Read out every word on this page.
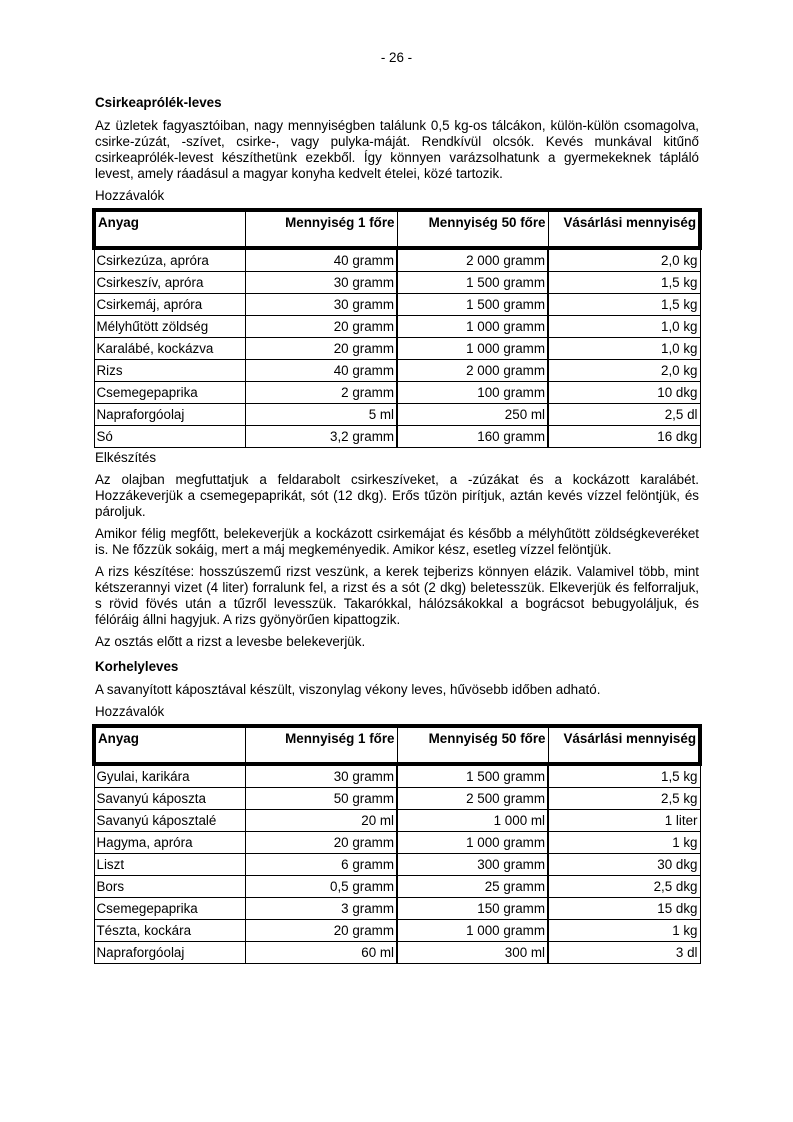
- 26 -
Csirkeaprólék-leves

Az üzletek fagyasztóiban, nagy mennyiségben találunk 0,5 kg-os tálcákon, külön-külön csomagolva, csirke-zúzát, -szívet, csirke-, vagy pulyka-máját. Rendkívül olcsók. Kevés munkával kitűnő csirkeaprólék-levest készíthetünk ezekből. Így könnyen varázsolhatunk a gyermekeknek tápláló levest, amely ráadásul a magyar konyha kedvelt ételei, közé tartozik.

Hozzávalók
Anyag	Mennyiség 1 főre	Mennyiség 50 főre	Vásárlási mennyiség
Csirkezúza, apróra	40 gramm	2 000 gramm	2,0 kg
Csirkeszív, apróra	30 gramm	1 500 gramm	1,5 kg
Csirkemáj, apróra	30 gramm	1 500 gramm	1,5 kg
Mélyhűtött zöldség	20 gramm	1 000 gramm	1,0 kg
Karalábé, kockázva	20 gramm	1 000 gramm	1,0 kg
Rizs	40 gramm	2 000 gramm	2,0 kg
Csemegepaprika	2 gramm	100 gramm	10 dkg
Napraforgóolaj	5 ml	250 ml	2,5 dl
Só	3,2 gramm	160 gramm	16 dkg
Elkészítés

Az olajban megfuttatjuk a feldarabolt csirkeszíveket, a -zúzákat és a kockázott karalábét. Hozzákeverjük a csemegepaprikát, sót (12 dkg). Erős tűzön pirítjuk, aztán kevés vízzel felöntjük, és pároljuk.

Amikor félig megfőtt, belekeverjük a kockázott csirkemájat és később a mélyhűtött zöldségkeveréket is. Ne főzzük sokáig, mert a máj megkeményedik. Amikor kész, esetleg vízzel felöntjük.

A rizs készítése: hosszúszemű rizst veszünk, a kerek tejberizs könnyen elázik. Valamivel több, mint kétszerannyi vizet (4 liter) forralunk fel, a rizst és a sót (2 dkg) beletesszük. Elkeverjük és felforraljuk, s rövid fövés után a tűzről levesszük. Takarókkal, hálózsákokkal a bográcsot bebugyoláljuk, és félóráig állni hagyjuk. A rizs gyönyörűen kipattogzik.

Az osztás előtt a rizst a levesbe belekeverjük.

Korhelyleves

A savanyított káposztával készült, viszonylag vékony leves, hűvösebb időben adható.

Hozzávalók
Anyag	Mennyiség 1 főre	Mennyiség 50 főre	Vásárlási mennyiség
Gyulai, karikára	30 gramm	1 500 gramm	1,5 kg
Savanyú káposzta	50 gramm	2 500 gramm	2,5 kg
Savanyú káposztalé	20 ml	1 000 ml	1 liter
Hagyma, apróra	20 gramm	1 000 gramm	1 kg
Liszt	6 gramm	300 gramm	30 dkg
Bors	0,5 gramm	25 gramm	2,5 dkg
Csemegepaprika	3 gramm	150 gramm	15 dkg
Tészta, kockára	20 gramm	1 000 gramm	1 kg
Napraforgóolaj	60 ml	300 ml	3 dl
